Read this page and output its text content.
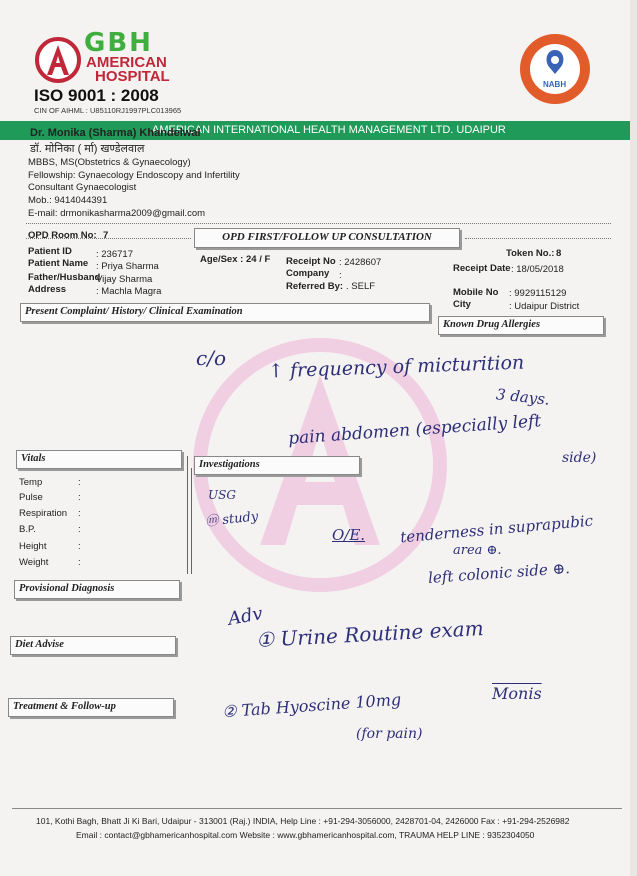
GBH
AMERICAN
HOSPITAL
ISO 9001 : 2008
CIN OF AIHML : U85110RJ1997PLC013965
NABH
AMERICAN INTERNATIONAL HEALTH MANAGEMENT LTD. UDAIPUR
Dr. Monika (Sharma) Khandelwal
डॉ. मोनिका ( र्मा) खण्डेलवाल
MBBS, MS(Obstetrics & Gynaecology)
Fellowship: Gynaecology Endoscopy and Infertility
Consultant Gynaecologist
Mob.: 9414044391
E-mail: drmonikasharma2009@gmail.com
OPD Room No: 7	OPD FIRST/FOLLOW UP CONSULTATION
Token No.: 8
Patient ID	: 236717
Patient Name : Priya Sharma
Father/Husband
Vijay Sharma
Address	: Machla Magra
Age/Sex : 24 / F Receipt No : 2428607
Company :
Referred By: . SELF
Receipt Date : 18/05/2018
Mobile No : 9929115129
City	: Udaipur District
Present Complaint/ History/ Clinical Examination
Known Drug Allergies
Vitals
Investigations
Provisional Diagnosis
Diet Advise
Treatment & Follow-up
Temp	:
Pulse	:
Respiration :
B.P.	:
Height	:
Weight	:
c/o ↑ frequency of micturition
3 days.
pain abdomen (especially left
side)
USG
ⓜ study
O/E. tenderness in suprapubic
area ⊕.
left colonic side ⊕.
Adv
① Urine Routine exam
② Tab Hyoscine 10mg
(for pain)
Monis
101, Kothi Bagh, Bhatt Ji Ki Bari, Udaipur - 313001 (Raj.) INDIA, Help Line : +91-294-3056000, 2428701-04, 2426000 Fax : +91-294-2526982
Email : contact@gbhamericanhospital.com Website : www.gbhamericanhospital.com, TRAUMA HELP LINE : 9352304050
